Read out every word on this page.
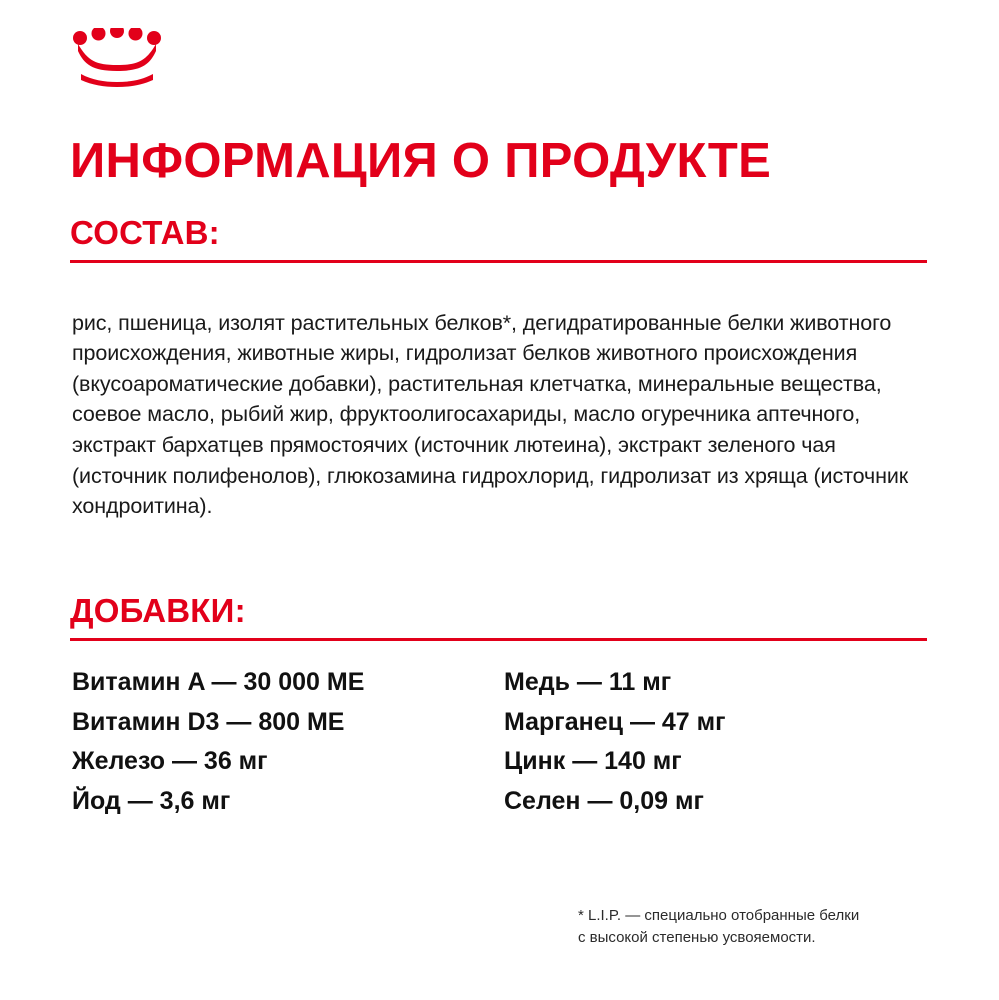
ИНФОРМАЦИЯ О ПРОДУКТЕ
СОСТАВ:

рис, пшеница, изолят растительных белков*, дегидратированные белки животного происхождения, животные жиры, гидролизат белков животного происхождения (вкусоароматические добавки), растительная клетчатка, минеральные вещества, соевое масло, рыбий жир, фруктоолигосахариды, масло огуречника аптечного, экстракт бархатцев прямостоячих (источник лютеина), экстракт зеленого чая (источник полифенолов), глюкозамина гидрохлорид, гидролизат из хряща (источник хондроитина).

ДОБАВКИ:
Витамин A — 30 000 МЕ
Витамин D3 — 800 МЕ
Железо — 36 мг
Йод — 3,6 мг
Медь — 11 мг
Марганец — 47 мг
Цинк — 140 мг
Селен — 0,09 мг
* L.I.P. — специально отобранные белки
с высокой степенью усвояемости.
